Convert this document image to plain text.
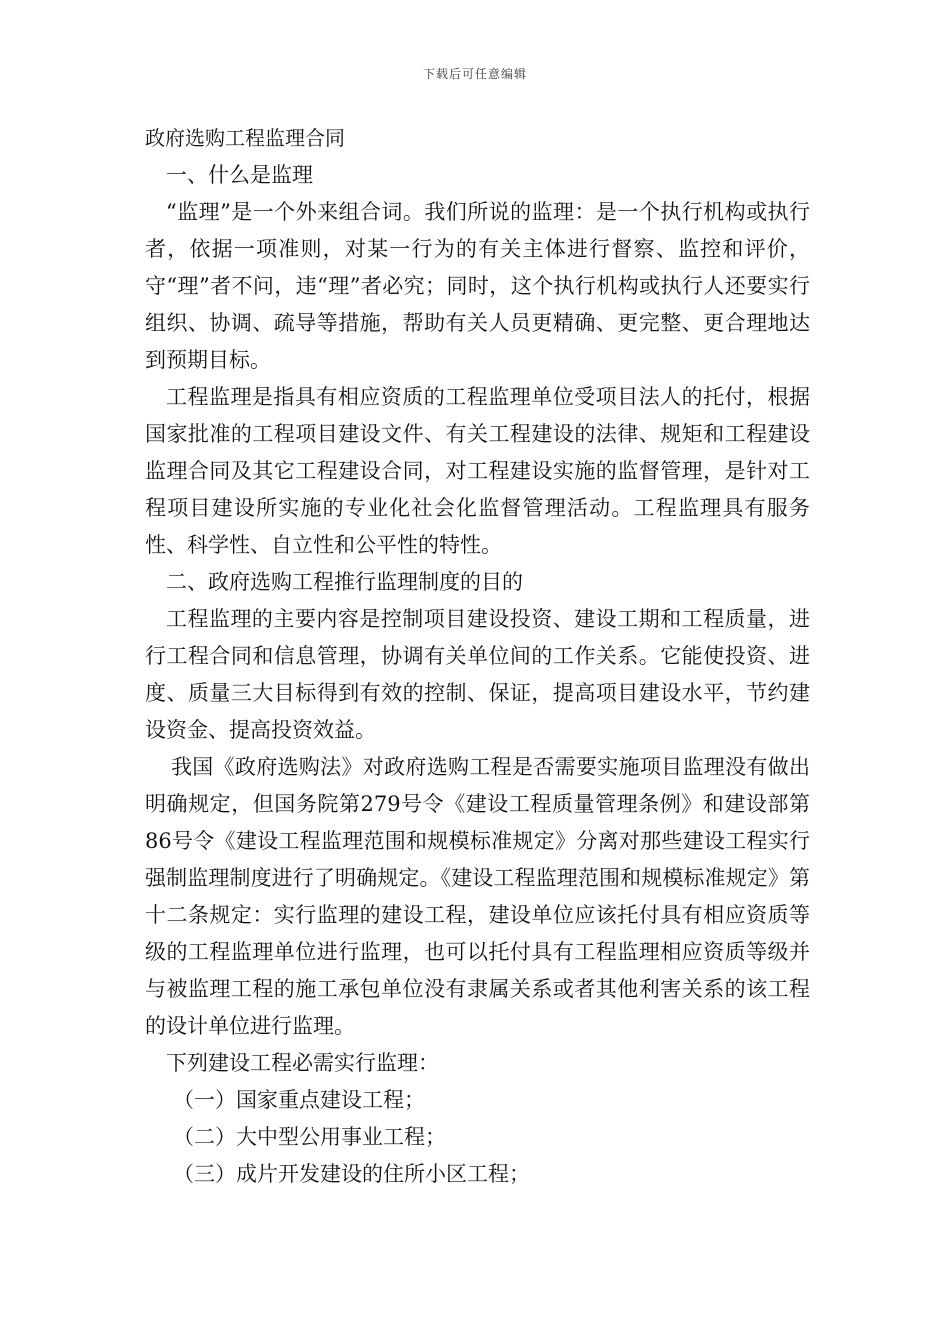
下载后可任意编辑

政府选购工程监理合同

一、什么是监理

“监理”是一个外来组合词。我们所说的监理：是一个执行机构或执行者，依据一项准则，对某一行为的有关主体进行督察、监控和评价，守“理”者不问，违“理”者必究；同时，这个执行机构或执行人还要实行组织、协调、疏导等措施，帮助有关人员更精确、更完整、更合理地达到预期目标。

工程监理是指具有相应资质的工程监理单位受项目法人的托付，根据国家批准的工程项目建设文件、有关工程建设的法律、规矩和工程建设监理合同及其它工程建设合同，对工程建设实施的监督管理，是针对工程项目建设所实施的专业化社会化监督管理活动。工程监理具有服务性、科学性、自立性和公平性的特性。

二、政府选购工程推行监理制度的目的

工程监理的主要内容是控制项目建设投资、建设工期和工程质量，进行工程合同和信息管理，协调有关单位间的工作关系。它能使投资、进度、质量三大目标得到有效的控制、保证，提高项目建设水平，节约建设资金、提高投资效益。

我国《政府选购法》对政府选购工程是否需要实施项目监理没有做出明确规定，但国务院第279号令《建设工程质量管理条例》和建设部第86号令《建设工程监理范围和规模标准规定》分离对那些建设工程实行强制监理制度进行了明确规定。《建设工程监理范围和规模标准规定》第十二条规定：实行监理的建设工程，建设单位应该托付具有相应资质等级的工程监理单位进行监理，也可以托付具有工程监理相应资质等级并与被监理工程的施工承包单位没有隶属关系或者其他利害关系的该工程的设计单位进行监理。

下列建设工程必需实行监理：

（一）国家重点建设工程；

（二）大中型公用事业工程；

（三）成片开发建设的住所小区工程；
